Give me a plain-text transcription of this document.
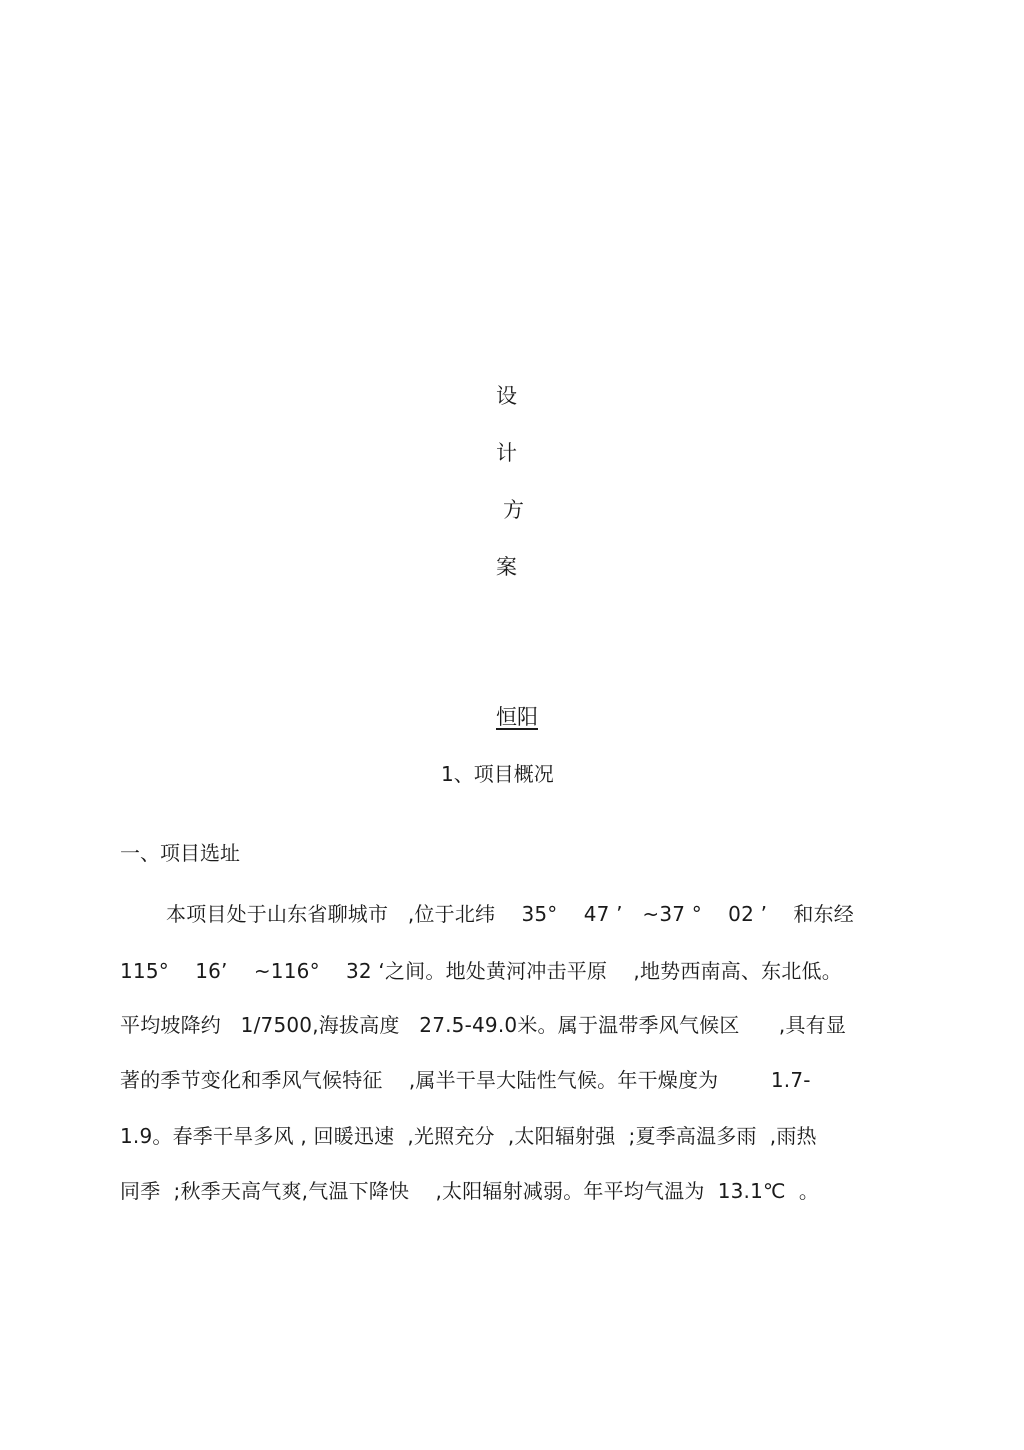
设
计
方
案
恒阳
1、项目概况
一、项目选址
本项目处于山东省聊城市   ,位于北纬    35°    47 ’   ~37 °    02 ’    和东经
115°    16’    ~116°    32 ‘之间。地处黄河冲击平原    ,地势西南高、东北低。
平均坡降约   1/7500,海拔高度   27.5-49.0米。属于温带季风气候区      ,具有显
著的季节变化和季风气候特征    ,属半干旱大陆性气候。年干燥度为        1.7-
1.9。春季干旱多风 , 回暖迅速  ,光照充分  ,太阳辐射强  ;夏季高温多雨  ,雨热
同季  ;秋季天高气爽,气温下降快    ,太阳辐射减弱。年平均气温为  13.1℃  。
